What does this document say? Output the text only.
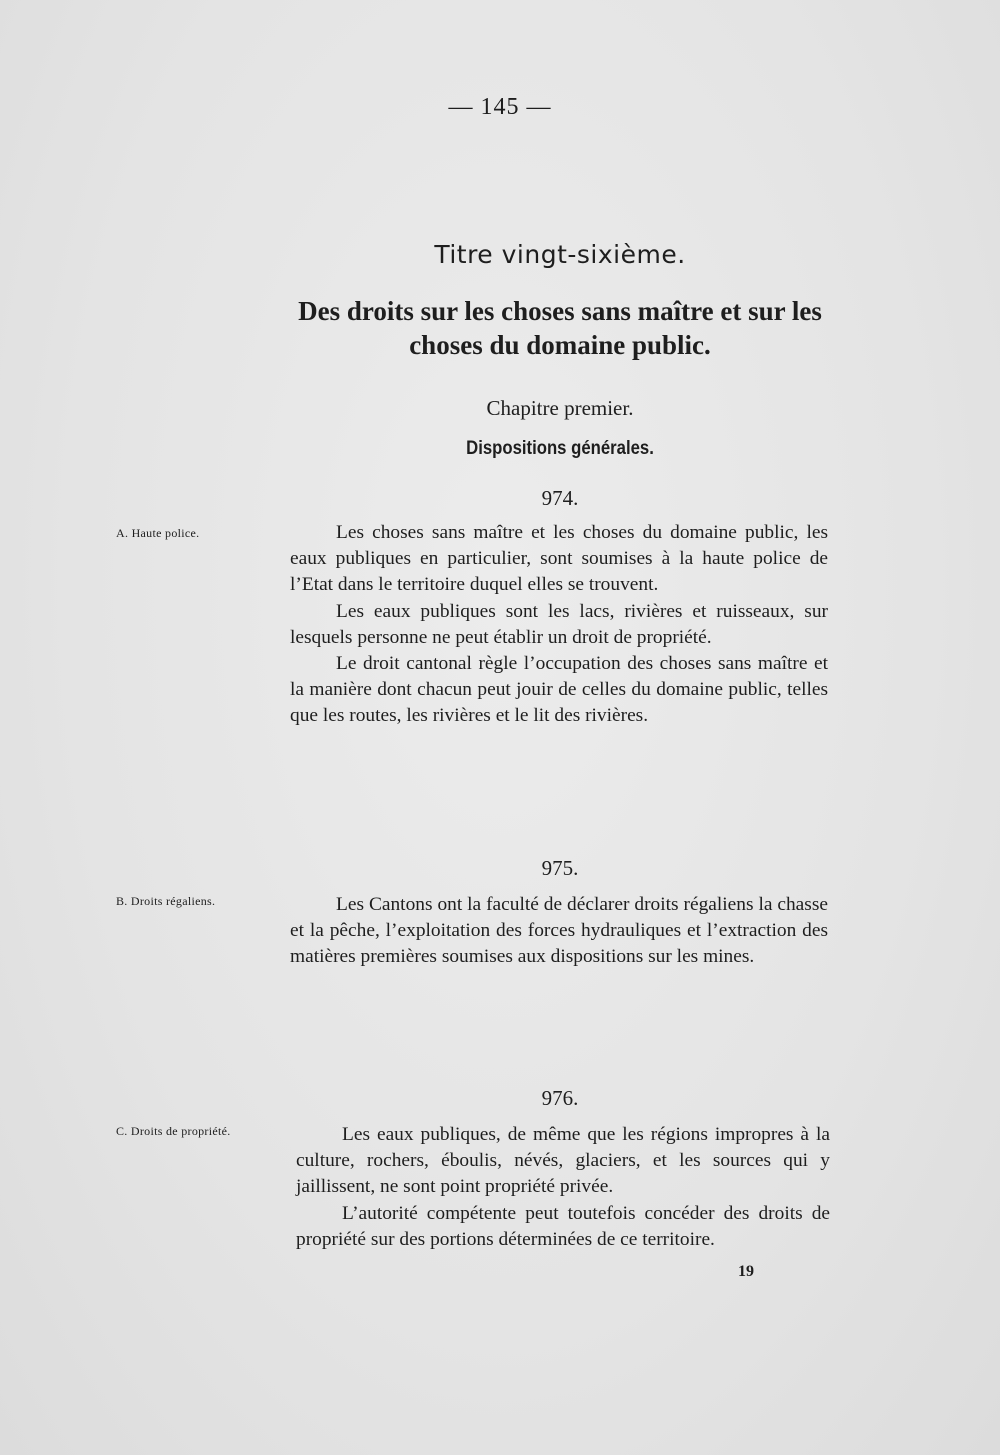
— 145 —
Titre vingt-sixième.
Des droits sur les choses sans maître et sur les choses du domaine public.
Chapitre premier.
Dispositions générales.
974.
A. Haute police.	Les choses sans maître et les choses du domaine public, les eaux publiques en particulier, sont soumises à la haute police de l’Etat dans le territoire duquel elles se trouvent.

Les eaux publiques sont les lacs, rivières et ruisseaux, sur lesquels personne ne peut établir un droit de propriété.

Le droit cantonal règle l’occupation des choses sans maître et la manière dont chacun peut jouir de celles du domaine public, telles que les routes, les rivières et le lit des rivières.

975.
B. Droits régaliens.	Les Cantons ont la faculté de déclarer droits régaliens la chasse et la pêche, l’exploitation des forces hydrauliques et l’extraction des matières premières soumises aux dispositions sur les mines.

976.
C. Droits de propriété.	Les eaux publiques, de même que les régions impropres à la culture, rochers, éboulis, névés, glaciers, et les sources qui y jaillissent, ne sont point propriété privée.

L’autorité compétente peut toutefois concéder des droits de propriété sur des portions déterminées de ce territoire.

19
